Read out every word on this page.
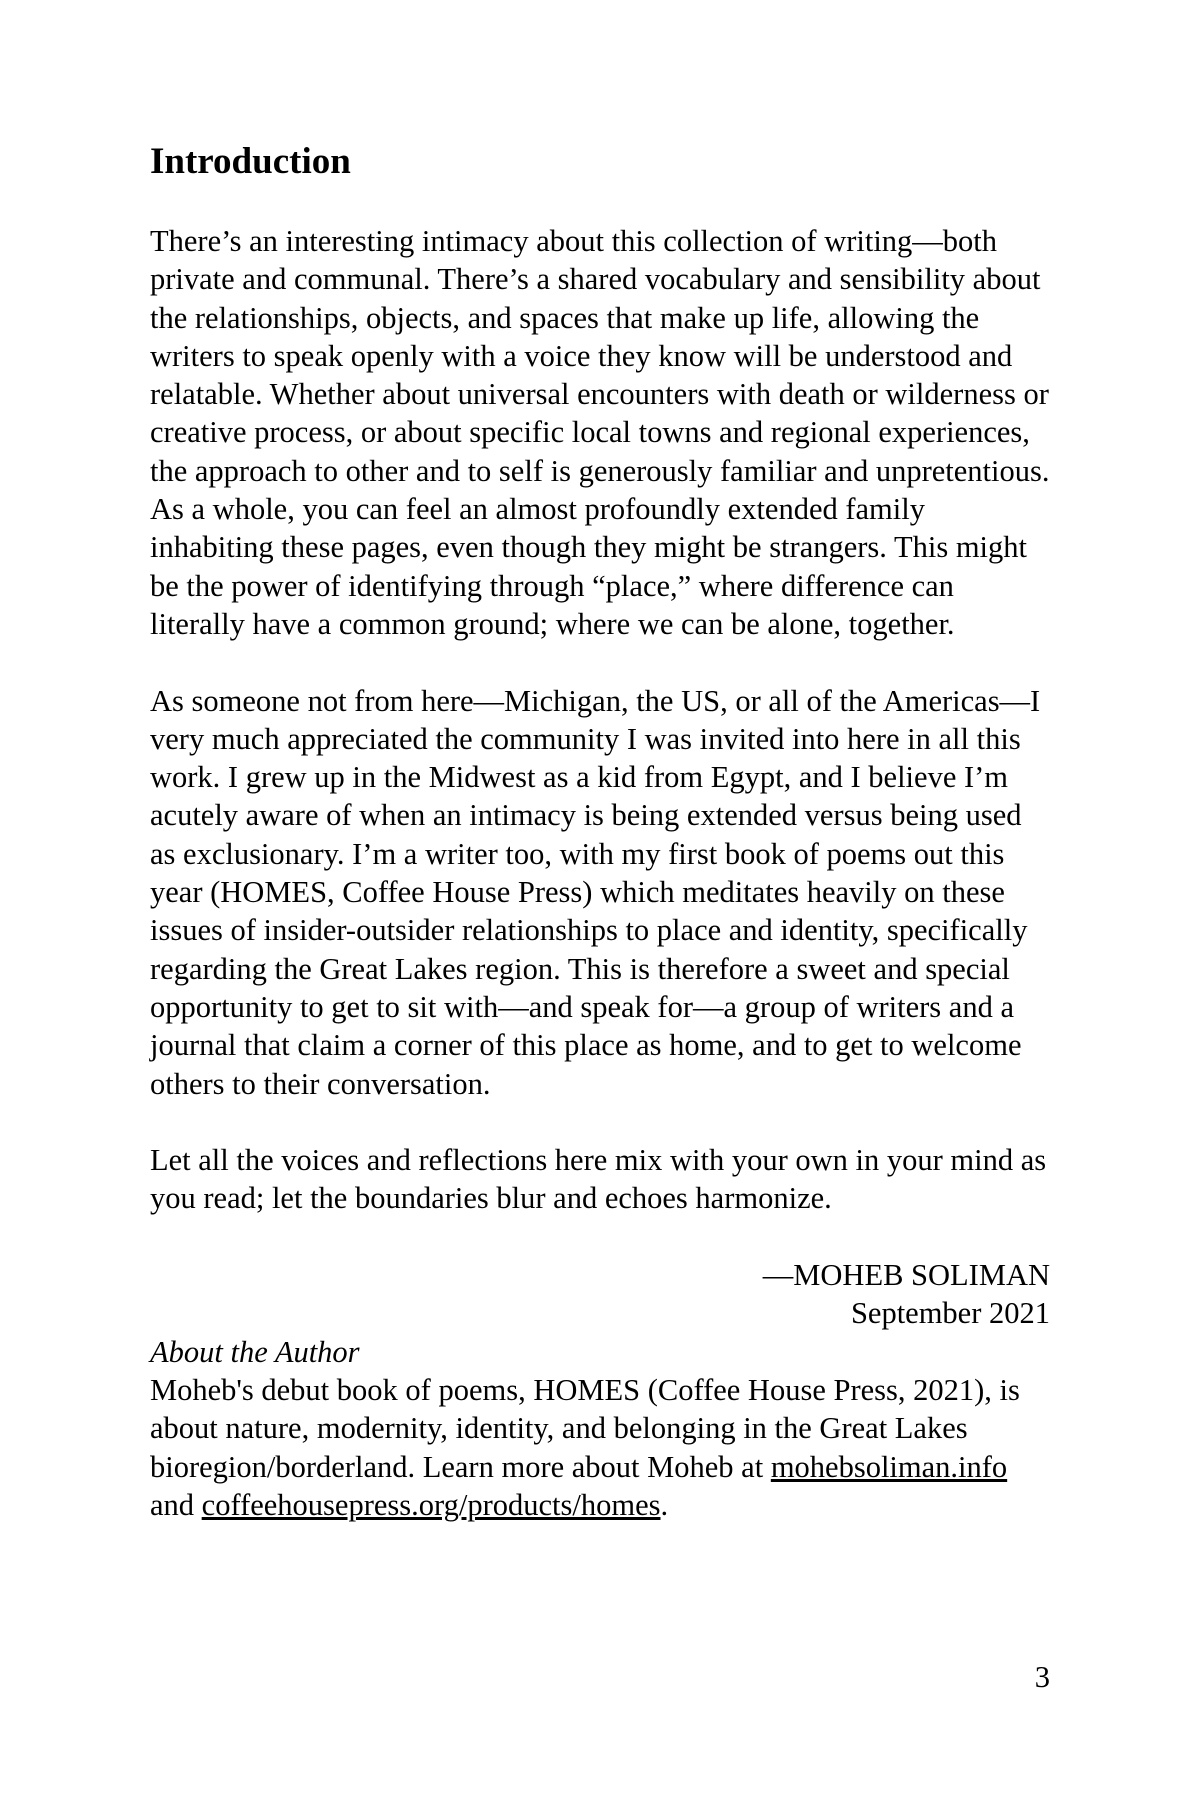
Introduction

There’s an interesting intimacy about this collection of writing—both private and communal. There’s a shared vocabulary and sensibility about the relationships, objects, and spaces that make up life, allowing the writers to speak openly with a voice they know will be understood and relatable. Whether about universal encounters with death or wilderness or creative process, or about specific local towns and regional experiences, the approach to other and to self is generously familiar and unpretentious. As a whole, you can feel an almost profoundly extended family inhabiting these pages, even though they might be strangers. This might be the power of identifying through “place,” where difference can literally have a common ground; where we can be alone, together.

As someone not from here—Michigan, the US, or all of the Americas—I very much appreciated the community I was invited into here in all this work. I grew up in the Midwest as a kid from Egypt, and I believe I’m acutely aware of when an intimacy is being extended versus being used as exclusionary. I’m a writer too, with my first book of poems out this year (HOMES, Coffee House Press) which meditates heavily on these issues of insider-outsider relationships to place and identity, specifically regarding the Great Lakes region. This is therefore a sweet and special opportunity to get to sit with—and speak for—a group of writers and a journal that claim a corner of this place as home, and to get to welcome others to their conversation.

Let all the voices and reflections here mix with your own in your mind as you read; let the boundaries blur and echoes harmonize.

—MOHEB SOLIMAN
September 2021
About the Author
Moheb's debut book of poems, HOMES (Coffee House Press, 2021), is about nature, modernity, identity, and belonging in the Great Lakes bioregion/borderland. Learn more about Moheb at mohebsoliman.info and coffeehousepress.org/products/homes.
3
